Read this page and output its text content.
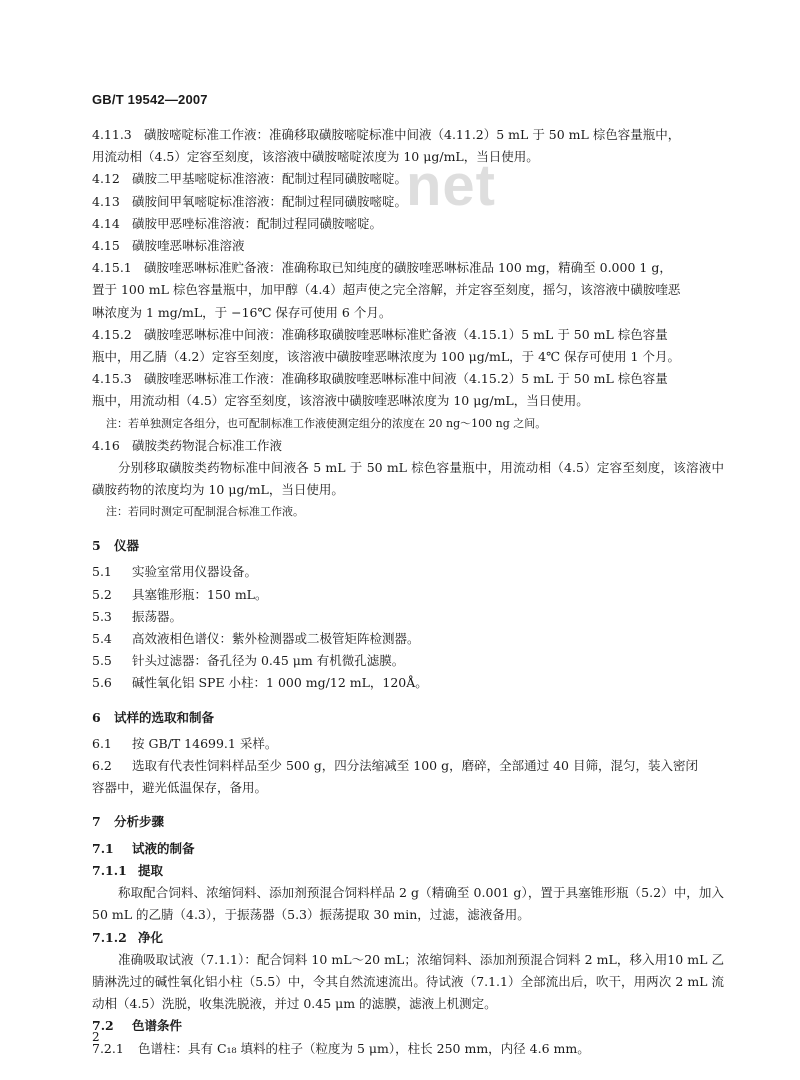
GB/T 19542—2007
net
4.11.3 磺胺嘧啶标准工作液：准确移取磺胺嘧啶标准中间液（4.11.2）5 mL 于 50 mL 棕色容量瓶中，
用流动相（4.5）定容至刻度，该溶液中磺胺嘧啶浓度为 10 μg/mL，当日使用。
4.12 磺胺二甲基嘧啶标准溶液：配制过程同磺胺嘧啶。
4.13 磺胺间甲氧嘧啶标准溶液：配制过程同磺胺嘧啶。
4.14 磺胺甲恶唑标准溶液：配制过程同磺胺嘧啶。
4.15 磺胺喹恶啉标准溶液
4.15.1 磺胺喹恶啉标准贮备液：准确称取已知纯度的磺胺喹恶啉标准品 100 mg，精确至 0.000 1 g，
置于 100 mL 棕色容量瓶中，加甲醇（4.4）超声使之完全溶解，并定容至刻度，摇匀，该溶液中磺胺喹恶
啉浓度为 1 mg/mL，于 −16℃ 保存可使用 6 个月。
4.15.2 磺胺喹恶啉标准中间液：准确移取磺胺喹恶啉标准贮备液（4.15.1）5 mL 于 50 mL 棕色容量
瓶中，用乙腈（4.2）定容至刻度，该溶液中磺胺喹恶啉浓度为 100 μg/mL，于 4℃ 保存可使用 1 个月。
4.15.3 磺胺喹恶啉标准工作液：准确移取磺胺喹恶啉标准中间液（4.15.2）5 mL 于 50 mL 棕色容量
瓶中，用流动相（4.5）定容至刻度，该溶液中磺胺喹恶啉浓度为 10 μg/mL，当日使用。
注：若单独测定各组分，也可配制标准工作液使测定组分的浓度在 20 ng～100 ng 之间。
4.16 磺胺类药物混合标准工作液
分别移取磺胺类药物标准中间液各 5 mL 于 50 mL 棕色容量瓶中，用流动相（4.5）定容至刻度，该溶液中磺胺药物的浓度均为 10 μg/mL，当日使用。
注：若同时测定可配制混合标准工作液。
5	仪器
5.1	实验室常用仪器设备。
5.2	具塞锥形瓶：150 mL。
5.3	振荡器。
5.4	高效液相色谱仪：紫外检测器或二极管矩阵检测器。
5.5	针头过滤器：备孔径为 0.45 μm 有机微孔滤膜。
5.6	碱性氧化铝 SPE 小柱：1 000 mg/12 mL，120Å。
6	试样的选取和制备
6.1	按 GB/T 14699.1 采样。
6.2	选取有代表性饲料样品至少 500 g，四分法缩减至 100 g，磨碎，全部通过 40 目筛，混匀，装入密闭
容器中，避光低温保存，备用。
7	分析步骤
7.1	试液的制备
7.1.1 提取
称取配合饲料、浓缩饲料、添加剂预混合饲料样品 2 g（精确至 0.001 g），置于具塞锥形瓶（5.2）中，加入 50 mL 的乙腈（4.3），于振荡器（5.3）振荡提取 30 min，过滤，滤液备用。
7.1.2 净化
准确吸取试液（7.1.1）：配合饲料 10 mL～20 mL；浓缩饲料、添加剂预混合饲料 2 mL，移入用10 mL 乙腈淋洗过的碱性氧化铝小柱（5.5）中，令其自然流速流出。待试液（7.1.1）全部流出后，吹干，用两次 2 mL 流动相（4.5）洗脱，收集洗脱液，并过 0.45 μm 的滤膜，滤液上机测定。
7.2	色谱条件
7.2.1	色谱柱：具有 C₁₈ 填料的柱子（粒度为 5 μm），柱长 250 mm，内径 4.6 mm。
2
